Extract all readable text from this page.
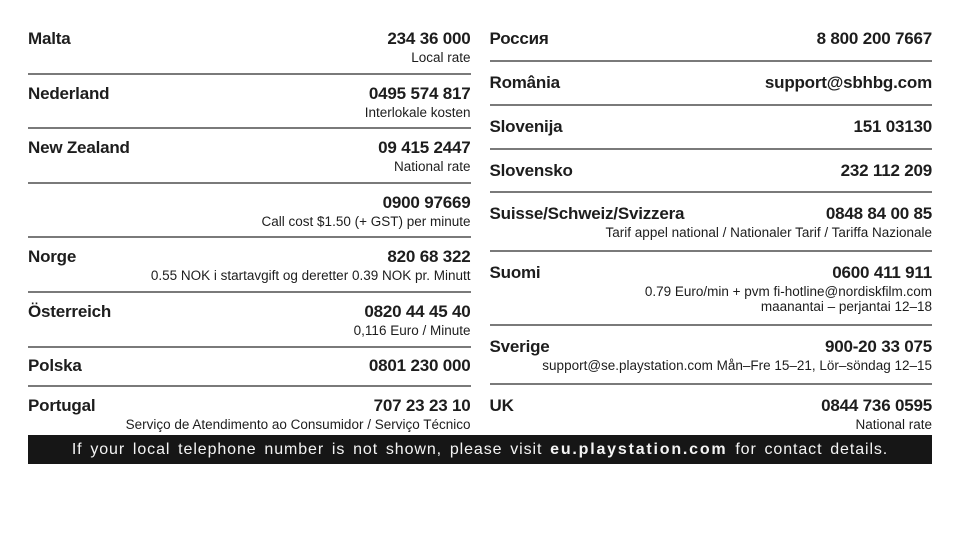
Malta	234 36 000
Local rate
Nederland	0495 574 817
Interlokale kosten
New Zealand	09 415 2447
National rate
0900 97669
Call cost $1.50 (+ GST) per minute
Norge	820 68 322
0.55 NOK i startavgift og deretter 0.39 NOK pr. Minutt
Österreich	0820 44 45 40
0,116 Euro / Minute
Polska	0801 230 000
Portugal	707 23 23 10
Serviço de Atendimento ao Consumidor / Serviço Técnico
Россия	8 800 200 7667
România	support@sbhbg.com
Slovenija	151 03130
Slovensko	232 112 209
Suisse/Schweiz/Svizzera	0848 84 00 85
Tarif appel national / Nationaler Tarif / Tariffa Nazionale
Suomi	0600 411 911
0.79 Euro/min + pvm fi-hotline@nordiskfilm.com
maanantai – perjantai 12–18
Sverige	900-20 33 075
support@se.playstation.com Mån–Fre 15–21, Lör–söndag 12–15
UK	0844 736 0595
National rate
If your local telephone number is not shown, please visit eu.playstation.com for contact details.
